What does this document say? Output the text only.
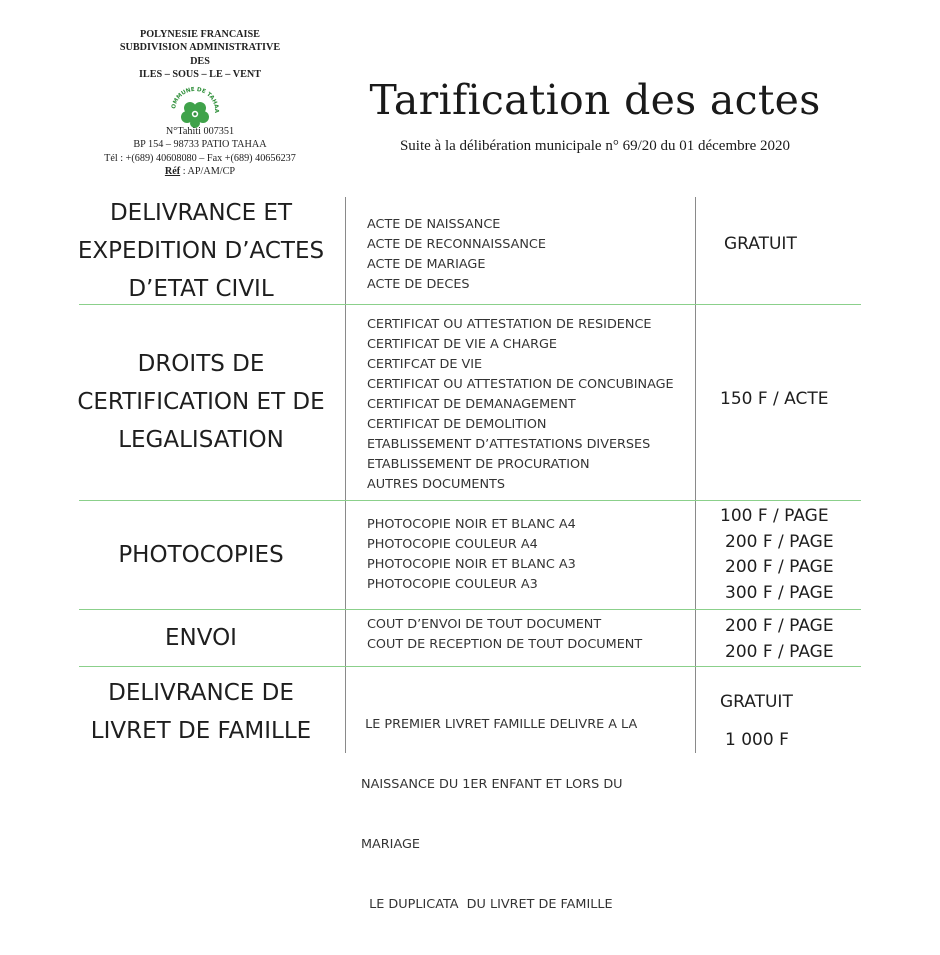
POLYNESIE FRANCAISE
SUBDIVISION ADMINISTRATIVE
DES
ILES – SOUS – LE – VENT
OMMUNE DE TAHAA
N°Tahiti 007351
BP 154 – 98733 PATIO TAHAA
Tél : +(689) 40608080 – Fax +(689) 40656237
Réf : AP/AM/CP
Tarification des actes
Suite à la délibération municipale n° 69/20 du 01 décembre 2020
DELIVRANCE ET
EXPEDITION D’ACTES
D’ETAT CIVIL
ACTE DE NAISSANCE
ACTE DE RECONNAISSANCE
ACTE DE MARIAGE
ACTE DE DECES
GRATUIT
DROITS DE
CERTIFICATION ET DE
LEGALISATION
CERTIFICAT OU ATTESTATION DE RESIDENCE
CERTIFICAT DE VIE A CHARGE
CERTIFCAT DE VIE
CERTIFICAT OU ATTESTATION DE CONCUBINAGE
CERTIFICAT DE DEMANAGEMENT
CERTIFICAT DE DEMOLITION
ETABLISSEMENT D’ATTESTATIONS DIVERSES
ETABLISSEMENT DE PROCURATION
AUTRES DOCUMENTS
150 F / ACTE
PHOTOCOPIES
PHOTOCOPIE NOIR ET BLANC A4
PHOTOCOPIE COULEUR A4
PHOTOCOPIE NOIR ET BLANC A3
PHOTOCOPIE COULEUR A3
100 F / PAGE
200 F / PAGE
200 F / PAGE
300 F / PAGE
ENVOI
COUT D’ENVOI DE TOUT DOCUMENT
COUT DE RECEPTION DE TOUT DOCUMENT
200 F / PAGE
200 F / PAGE
DELIVRANCE DE
LIVRET DE FAMILLE

	LE PREMIER LIVRET FAMILLE DELIVRE A LA

NAISSANCE DU 1ER ENFANT ET LORS DU

MARIAGE

LE DUPLICATA  DU LIVRET DE FAMILLE

GRATUIT
1 000 F
